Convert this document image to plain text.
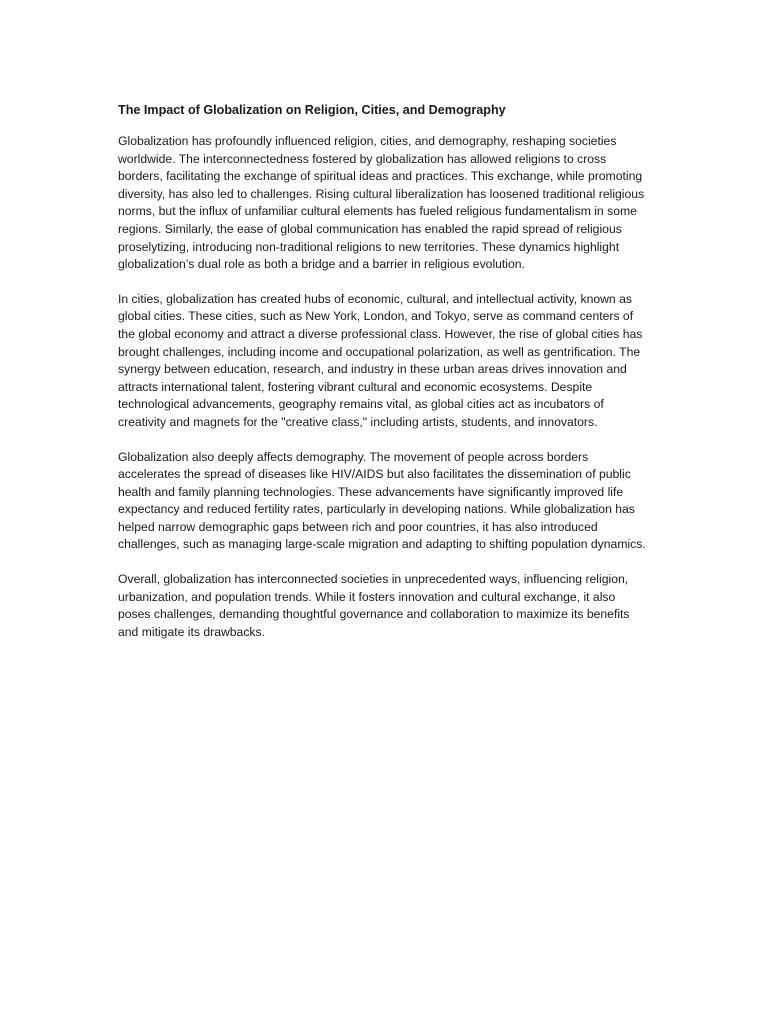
The Impact of Globalization on Religion, Cities, and Demography

Globalization has profoundly influenced religion, cities, and demography, reshaping societies worldwide. The interconnectedness fostered by globalization has allowed religions to cross borders, facilitating the exchange of spiritual ideas and practices. This exchange, while promoting diversity, has also led to challenges. Rising cultural liberalization has loosened traditional religious norms, but the influx of unfamiliar cultural elements has fueled religious fundamentalism in some regions. Similarly, the ease of global communication has enabled the rapid spread of religious proselytizing, introducing non-traditional religions to new territories. These dynamics highlight globalization’s dual role as both a bridge and a barrier in religious evolution.

In cities, globalization has created hubs of economic, cultural, and intellectual activity, known as global cities. These cities, such as New York, London, and Tokyo, serve as command centers of the global economy and attract a diverse professional class. However, the rise of global cities has brought challenges, including income and occupational polarization, as well as gentrification. The synergy between education, research, and industry in these urban areas drives innovation and attracts international talent, fostering vibrant cultural and economic ecosystems. Despite technological advancements, geography remains vital, as global cities act as incubators of creativity and magnets for the "creative class," including artists, students, and innovators.

Globalization also deeply affects demography. The movement of people across borders accelerates the spread of diseases like HIV/AIDS but also facilitates the dissemination of public health and family planning technologies. These advancements have significantly improved life expectancy and reduced fertility rates, particularly in developing nations. While globalization has helped narrow demographic gaps between rich and poor countries, it has also introduced challenges, such as managing large-scale migration and adapting to shifting population dynamics.

Overall, globalization has interconnected societies in unprecedented ways, influencing religion, urbanization, and population trends. While it fosters innovation and cultural exchange, it also poses challenges, demanding thoughtful governance and collaboration to maximize its benefits and mitigate its drawbacks.
